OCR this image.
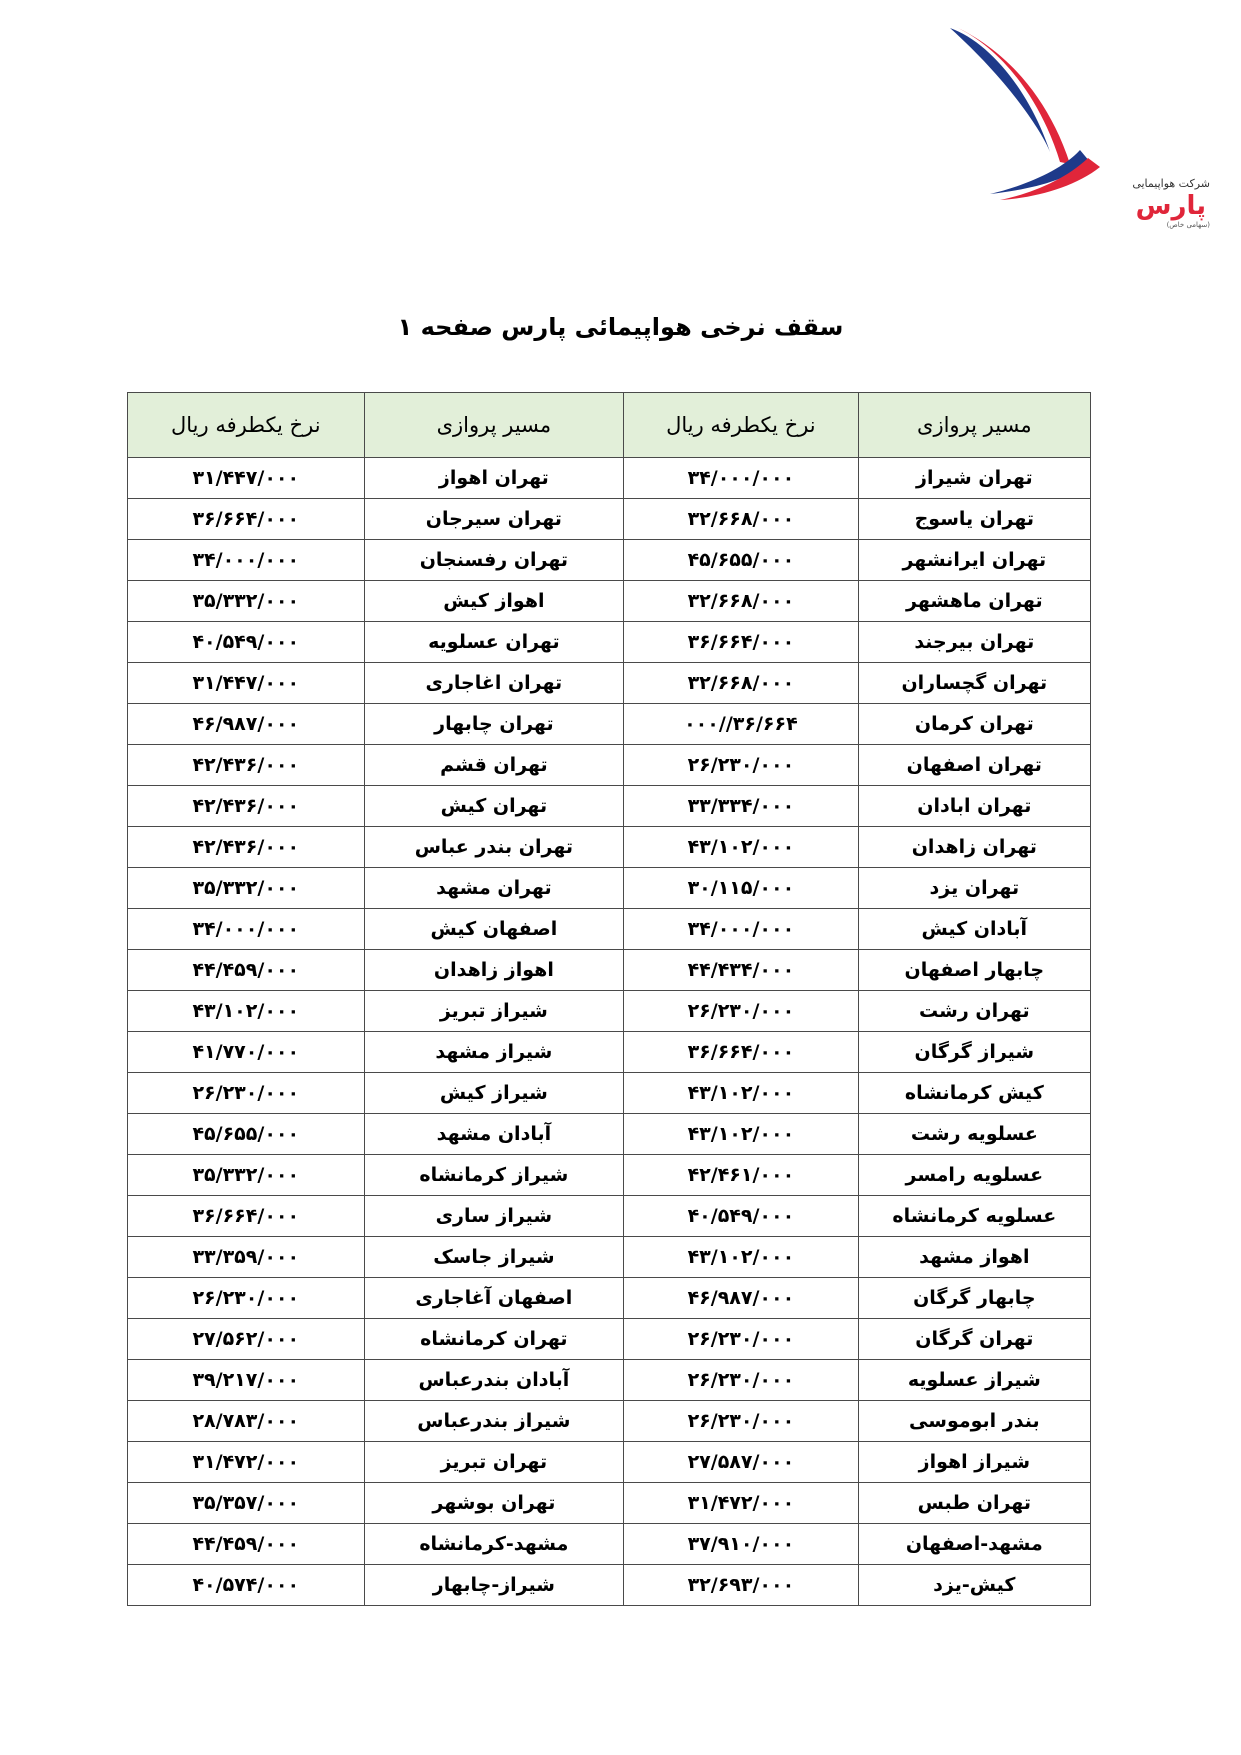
شرکت هواپیمایی پارس
(سهامی خاص)
سقف نرخی هواپیمائی پارس صفحه ۱
مسیر پروازی	نرخ یکطرفه ریال	مسیر پروازی	نرخ یکطرفه ریال
تهران شیراز	۳۴/۰۰۰/۰۰۰	تهران اهواز	۳۱/۴۴۷/۰۰۰
تهران یاسوج	۳۲/۶۶۸/۰۰۰	تهران سیرجان	۳۶/۶۶۴/۰۰۰
تهران ایرانشهر	۴۵/۶۵۵/۰۰۰	تهران رفسنجان	۳۴/۰۰۰/۰۰۰
تهران ماهشهر	۳۲/۶۶۸/۰۰۰	اهواز کیش	۳۵/۳۳۲/۰۰۰
تهران بیرجند	۳۶/۶۶۴/۰۰۰	تهران عسلویه	۴۰/۵۴۹/۰۰۰
تهران گچساران	۳۲/۶۶۸/۰۰۰	تهران اغاجاری	۳۱/۴۴۷/۰۰۰
تهران کرمان	۳۶/۶۶۴//۰۰۰	تهران چابهار	۴۶/۹۸۷/۰۰۰
تهران اصفهان	۲۶/۲۳۰/۰۰۰	تهران قشم	۴۲/۴۳۶/۰۰۰
تهران ابادان	۳۳/۳۳۴/۰۰۰	تهران کیش	۴۲/۴۳۶/۰۰۰
تهران زاهدان	۴۳/۱۰۲/۰۰۰	تهران بندر عباس	۴۲/۴۳۶/۰۰۰
تهران یزد	۳۰/۱۱۵/۰۰۰	تهران مشهد	۳۵/۳۳۲/۰۰۰
آبادان کیش	۳۴/۰۰۰/۰۰۰	اصفهان کیش	۳۴/۰۰۰/۰۰۰
چابهار اصفهان	۴۴/۴۳۴/۰۰۰	اهواز زاهدان	۴۴/۴۵۹/۰۰۰
تهران رشت	۲۶/۲۳۰/۰۰۰	شیراز تبریز	۴۳/۱۰۲/۰۰۰
شیراز گرگان	۳۶/۶۶۴/۰۰۰	شیراز مشهد	۴۱/۷۷۰/۰۰۰
کیش کرمانشاه	۴۳/۱۰۲/۰۰۰	شیراز کیش	۲۶/۲۳۰/۰۰۰
عسلویه رشت	۴۳/۱۰۲/۰۰۰	آبادان مشهد	۴۵/۶۵۵/۰۰۰
عسلویه رامسر	۴۲/۴۶۱/۰۰۰	شیراز کرمانشاه	۳۵/۳۳۲/۰۰۰
عسلویه کرمانشاه	۴۰/۵۴۹/۰۰۰	شیراز ساری	۳۶/۶۶۴/۰۰۰
اهواز مشهد	۴۳/۱۰۲/۰۰۰	شیراز جاسک	۳۳/۳۵۹/۰۰۰
چابهار گرگان	۴۶/۹۸۷/۰۰۰	اصفهان آغاجاری	۲۶/۲۳۰/۰۰۰
تهران گرگان	۲۶/۲۳۰/۰۰۰	تهران کرمانشاه	۲۷/۵۶۲/۰۰۰
شیراز عسلویه	۲۶/۲۳۰/۰۰۰	آبادان بندرعباس	۳۹/۲۱۷/۰۰۰
بندر ابوموسی	۲۶/۲۳۰/۰۰۰	شیراز بندرعباس	۲۸/۷۸۳/۰۰۰
شیراز اهواز	۲۷/۵۸۷/۰۰۰	تهران تبریز	۳۱/۴۷۲/۰۰۰
تهران طبس	۳۱/۴۷۲/۰۰۰	تهران بوشهر	۳۵/۳۵۷/۰۰۰
مشهد-اصفهان	۳۷/۹۱۰/۰۰۰	مشهد-کرمانشاه	۴۴/۴۵۹/۰۰۰
کیش-یزد	۳۲/۶۹۳/۰۰۰	شیراز-چابهار	۴۰/۵۷۴/۰۰۰
